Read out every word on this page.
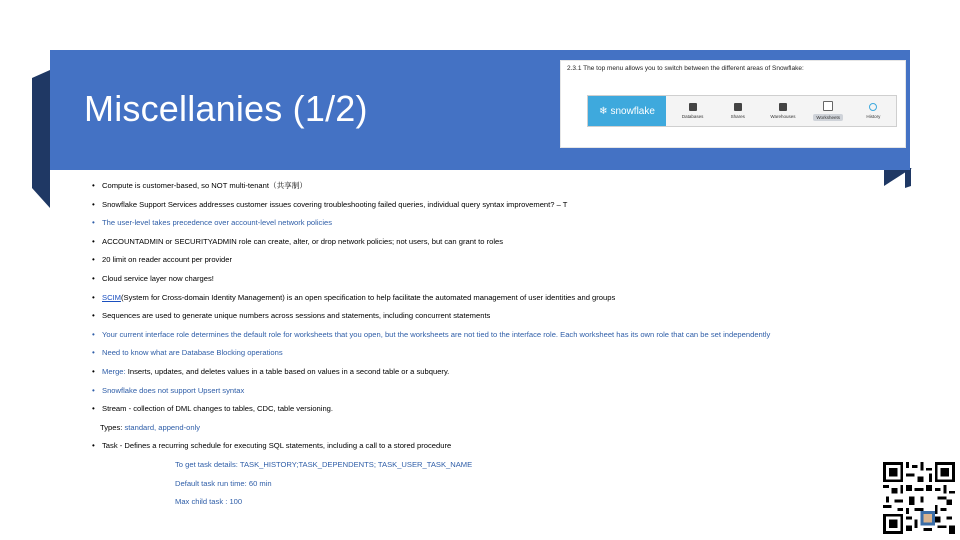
Miscellanies (1/2)
2.3.1 The top menu allows you to switch between the different areas of Snowflake:
❄ snowflake	Databases	Shares	Warehouses	Worksheets	History
• Compute is customer-based, so NOT multi-tenant（共享制）
• Snowflake Support Services addresses customer issues covering troubleshooting failed queries, individual query syntax improvement? – T
• The user-level takes precedence over account-level network policies
• ACCOUNTADMIN or SECURITYADMIN role can create, alter, or drop network policies; not users, but can grant to roles
• 20 limit on reader account per provider
• Cloud service layer now charges!
• SCIM(System for Cross-domain Identity Management) is an open specification to help facilitate the automated management of user identities and groups
• Sequences are used to generate unique numbers across sessions and statements, including concurrent statements
• Your current interface role determines the default role for worksheets that you open, but the worksheets are not tied to the interface role. Each worksheet has its own role that can be set independently
• Need to know what are Database Blocking operations
• Merge: Inserts, updates, and deletes values in a table based on values in a second table or a subquery.
• Snowflake does not support Upsert syntax
• Stream - collection of DML changes to tables, CDC, table versioning.
Types: standard, append-only
• Task - Defines a recurring schedule for executing SQL statements, including a call to a stored procedure
To get task details: TASK_HISTORY;TASK_DEPENDENTS; TASK_USER_TASK_NAME
Default task run time: 60 min
Max child task : 100
